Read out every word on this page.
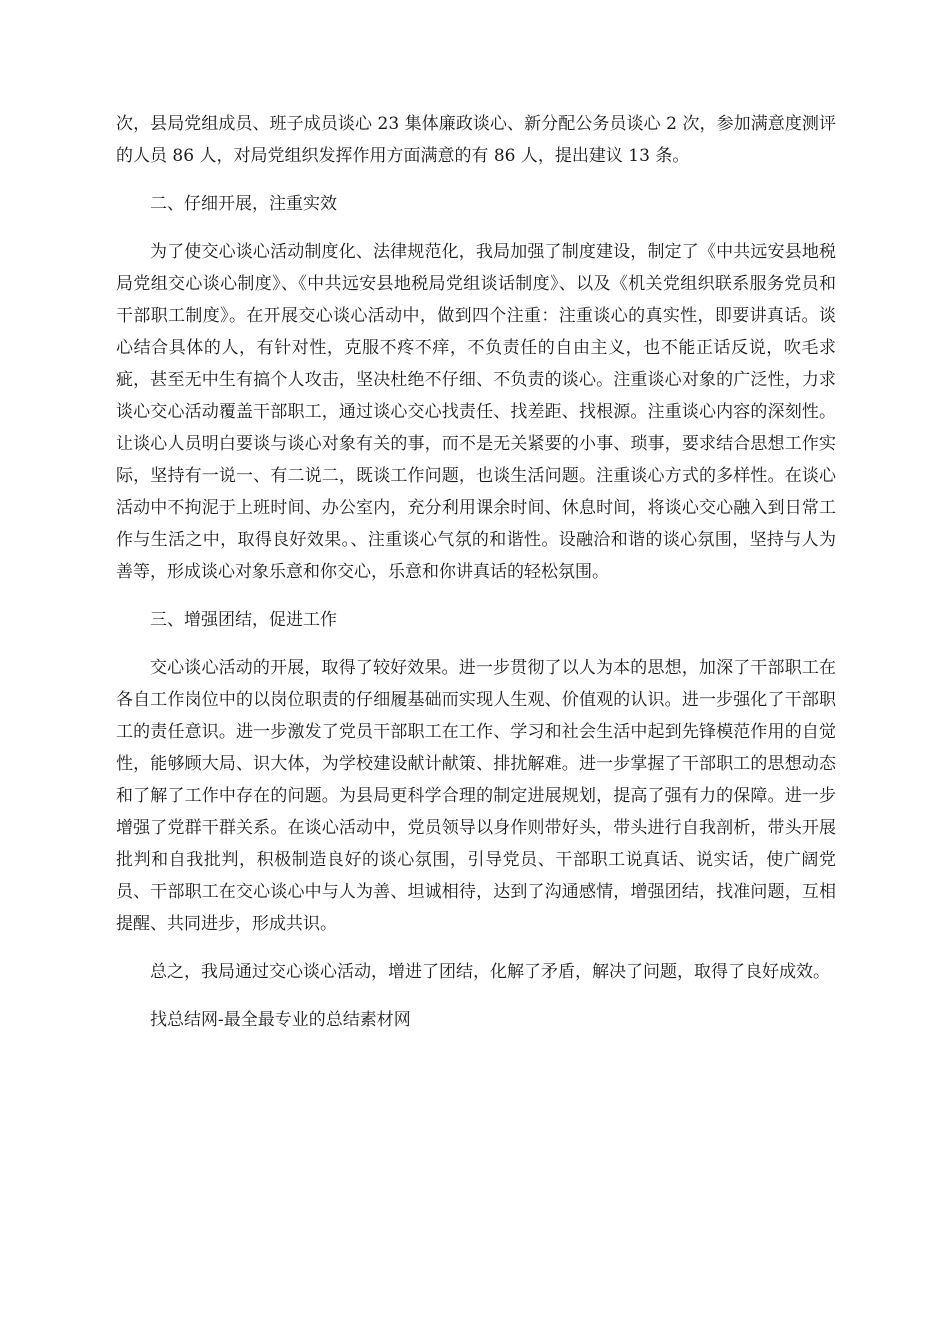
次，县局党组成员、班子成员谈心 23 集体廉政谈心、新分配公务员谈心 2 次，参加满意度测评的人员 86 人，对局党组织发挥作用方面满意的有 86 人，提出建议 13 条。

二、仔细开展，注重实效

为了使交心谈心活动制度化、法律规范化，我局加强了制度建设，制定了《中共远安县地税局党组交心谈心制度》、《中共远安县地税局党组谈话制度》、以及《机关党组织联系服务党员和干部职工制度》。在开展交心谈心活动中，做到四个注重：注重谈心的真实性，即要讲真话。谈心结合具体的人，有针对性，克服不疼不痒，不负责任的自由主义，也不能正话反说，吹毛求疵，甚至无中生有搞个人攻击，坚决杜绝不仔细、不负责的谈心。注重谈心对象的广泛性，力求谈心交心活动覆盖干部职工，通过谈心交心找责任、找差距、找根源。注重谈心内容的深刻性。让谈心人员明白要谈与谈心对象有关的事，而不是无关紧要的小事、琐事，要求结合思想工作实际，坚持有一说一、有二说二，既谈工作问题，也谈生活问题。注重谈心方式的多样性。在谈心活动中不拘泥于上班时间、办公室内，充分利用课余时间、休息时间，将谈心交心融入到日常工作与生活之中，取得良好效果。、注重谈心气氛的和谐性。设融洽和谐的谈心氛围，坚持与人为善等，形成谈心对象乐意和你交心，乐意和你讲真话的轻松氛围。

三、增强团结，促进工作

交心谈心活动的开展，取得了较好效果。进一步贯彻了以人为本的思想，加深了干部职工在各自工作岗位中的以岗位职责的仔细履基础而实现人生观、价值观的认识。进一步强化了干部职工的责任意识。进一步激发了党员干部职工在工作、学习和社会生活中起到先锋模范作用的自觉性，能够顾大局、识大体，为学校建设献计献策、排扰解难。进一步掌握了干部职工的思想动态和了解了工作中存在的问题。为县局更科学合理的制定进展规划，提高了强有力的保障。进一步增强了党群干群关系。在谈心活动中，党员领导以身作则带好头，带头进行自我剖析，带头开展批判和自我批判，积极制造良好的谈心氛围，引导党员、干部职工说真话、说实话，使广阔党员、干部职工在交心谈心中与人为善、坦诚相待，达到了沟通感情，增强团结，找准问题，互相提醒、共同进步，形成共识。

总之，我局通过交心谈心活动，增进了团结，化解了矛盾，解决了问题，取得了良好成效。

找总结网-最全最专业的总结素材网
